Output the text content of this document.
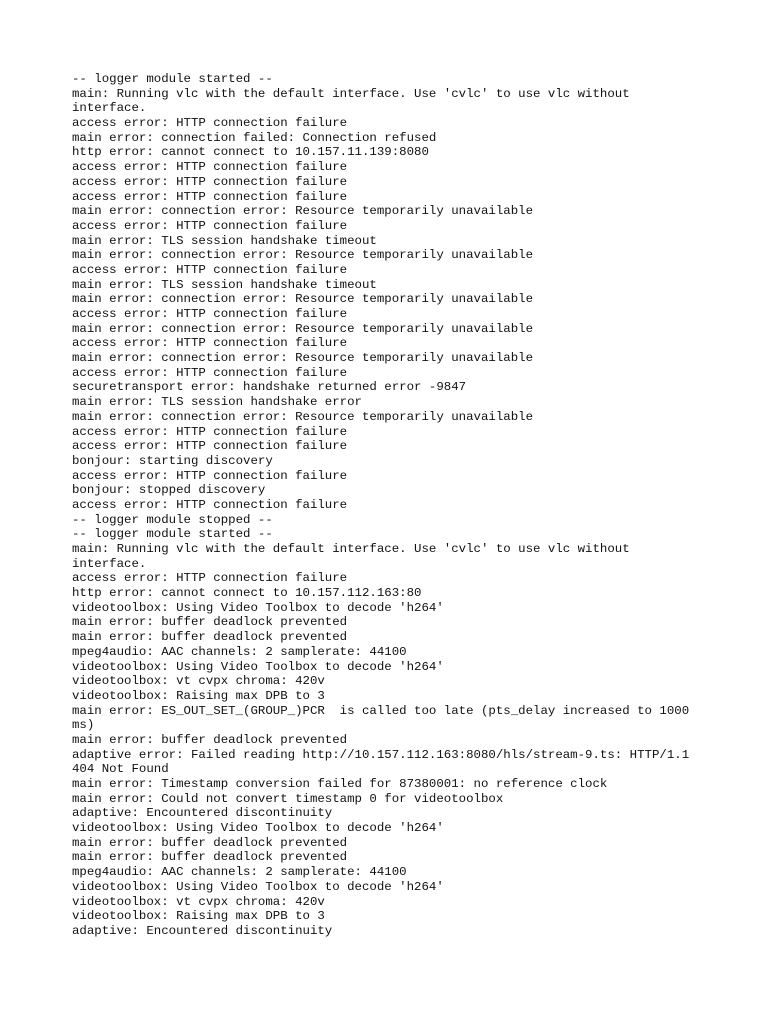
-- logger module started --
main: Running vlc with the default interface. Use 'cvlc' to use vlc without
interface.
access error: HTTP connection failure
main error: connection failed: Connection refused
http error: cannot connect to 10.157.11.139:8080
access error: HTTP connection failure
access error: HTTP connection failure
access error: HTTP connection failure
main error: connection error: Resource temporarily unavailable
access error: HTTP connection failure
main error: TLS session handshake timeout
main error: connection error: Resource temporarily unavailable
access error: HTTP connection failure
main error: TLS session handshake timeout
main error: connection error: Resource temporarily unavailable
access error: HTTP connection failure
main error: connection error: Resource temporarily unavailable
access error: HTTP connection failure
main error: connection error: Resource temporarily unavailable
access error: HTTP connection failure
securetransport error: handshake returned error -9847
main error: TLS session handshake error
main error: connection error: Resource temporarily unavailable
access error: HTTP connection failure
access error: HTTP connection failure
bonjour: starting discovery
access error: HTTP connection failure
bonjour: stopped discovery
access error: HTTP connection failure
-- logger module stopped --
-- logger module started --
main: Running vlc with the default interface. Use 'cvlc' to use vlc without
interface.
access error: HTTP connection failure
http error: cannot connect to 10.157.112.163:80
videotoolbox: Using Video Toolbox to decode 'h264'
main error: buffer deadlock prevented
main error: buffer deadlock prevented
mpeg4audio: AAC channels: 2 samplerate: 44100
videotoolbox: Using Video Toolbox to decode 'h264'
videotoolbox: vt cvpx chroma: 420v
videotoolbox: Raising max DPB to 3
main error: ES_OUT_SET_(GROUP_)PCR  is called too late (pts_delay increased to 1000
ms)
main error: buffer deadlock prevented
adaptive error: Failed reading http://10.157.112.163:8080/hls/stream-9.ts: HTTP/1.1
404 Not Found
main error: Timestamp conversion failed for 87380001: no reference clock
main error: Could not convert timestamp 0 for videotoolbox
adaptive: Encountered discontinuity
videotoolbox: Using Video Toolbox to decode 'h264'
main error: buffer deadlock prevented
main error: buffer deadlock prevented
mpeg4audio: AAC channels: 2 samplerate: 44100
videotoolbox: Using Video Toolbox to decode 'h264'
videotoolbox: vt cvpx chroma: 420v
videotoolbox: Raising max DPB to 3
adaptive: Encountered discontinuity
